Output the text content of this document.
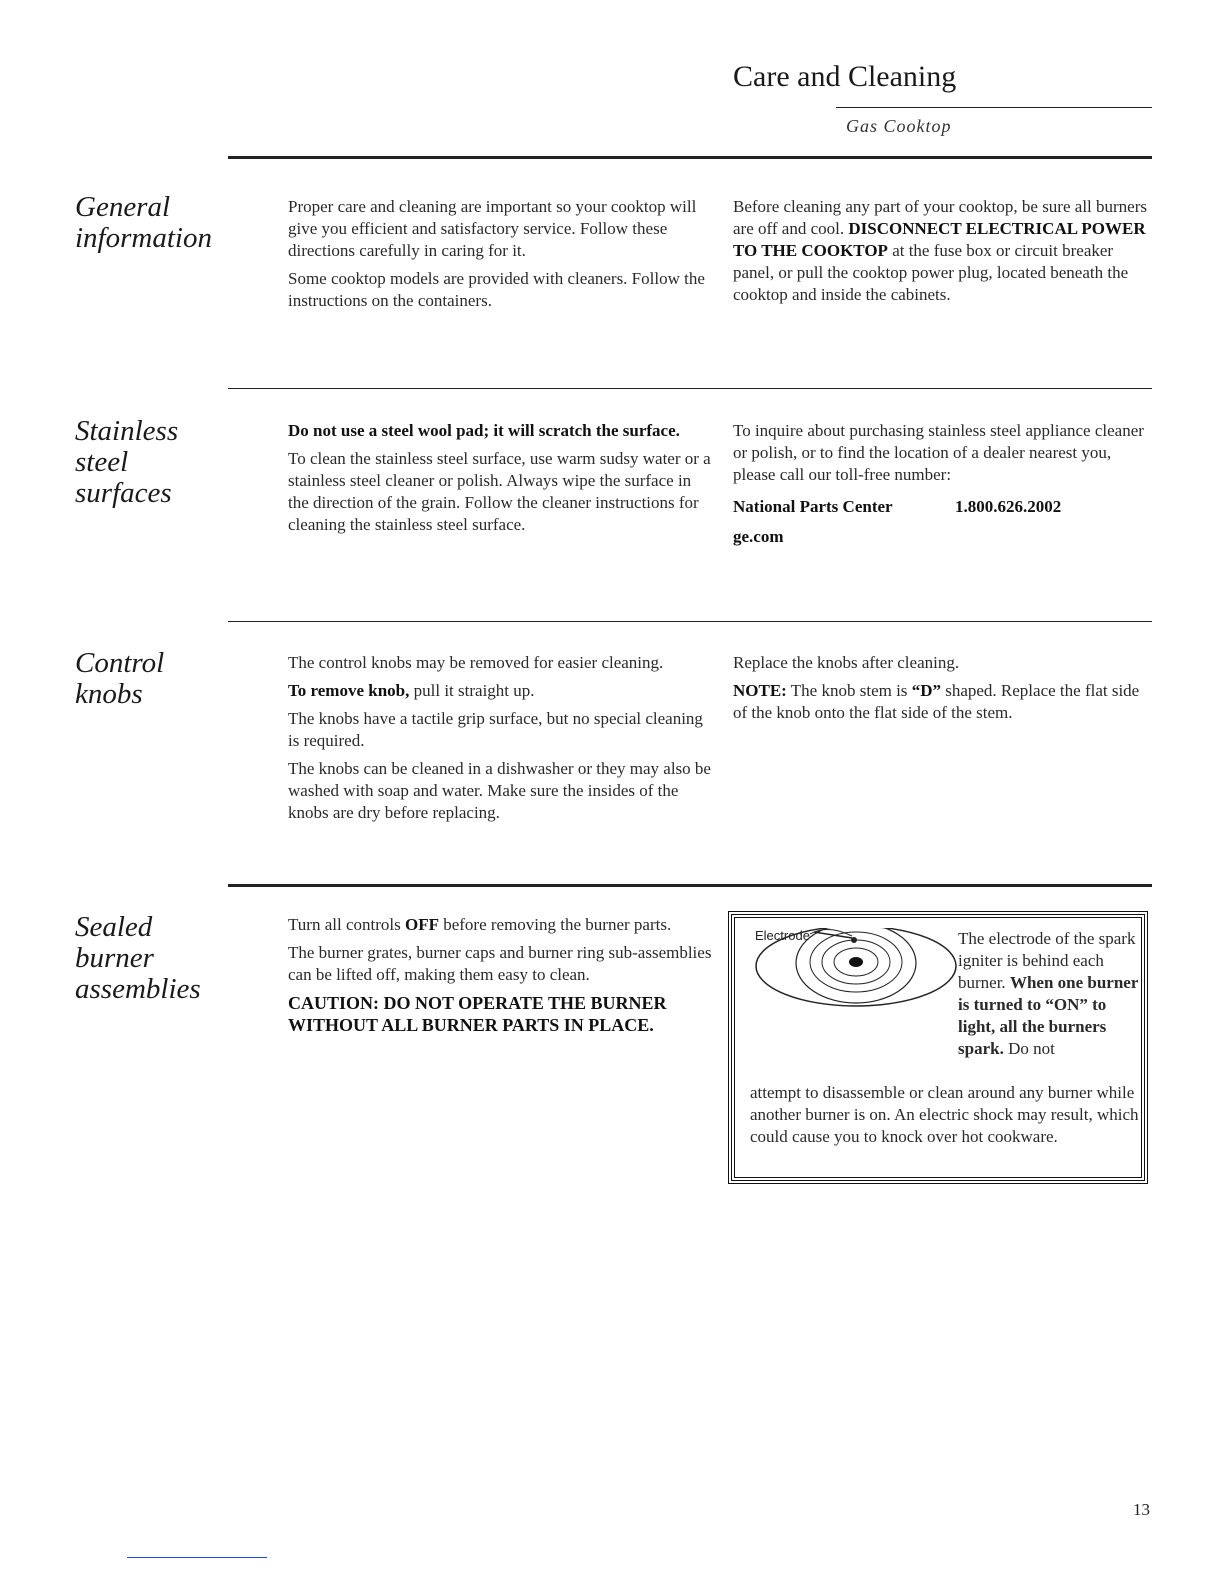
Care and Cleaning
Gas Cooktop
General
information

Proper care and cleaning are important so your cooktop will give you efficient and satisfactory service. Follow these directions carefully in caring for it.

Some cooktop models are provided with cleaners. Follow the instructions on the containers.

Before cleaning any part of your cooktop, be sure all burners are off and cool. DISCONNECT ELECTRICAL POWER TO THE COOKTOP at the fuse box or circuit breaker panel, or pull the cooktop power plug, located beneath the cooktop and inside the cabinets.

Stainless
steel
surfaces

Do not use a steel wool pad; it will scratch the surface.

To clean the stainless steel surface, use warm sudsy water or a stainless steel cleaner or polish. Always wipe the surface in the direction of the grain. Follow the cleaner instructions for cleaning the stainless steel surface.

To inquire about purchasing stainless steel appliance cleaner or polish, or to find the location of a dealer nearest you, please call our toll-free number:

National Parts Center	1.800.626.2002
ge.com
Control
knobs

The control knobs may be removed for easier cleaning.

To remove knob, pull it straight up.

The knobs have a tactile grip surface, but no special cleaning is required.

The knobs can be cleaned in a dishwasher or they may also be washed with soap and water. Make sure the insides of the knobs are dry before replacing.

Replace the knobs after cleaning.

NOTE: The knob stem is “D” shaped. Replace the flat side of the knob onto the flat side of the stem.

Sealed
burner
assemblies

Turn all controls OFF before removing the burner parts.

The burner grates, burner caps and burner ring sub-assemblies can be lifted off, making them easy to clean.

CAUTION: DO NOT OPERATE THE BURNER WITHOUT ALL BURNER PARTS IN PLACE.

Electrode	The electrode of the spark igniter is behind each burner. When one burner is turned to “ON” to light, all the burners spark. Do not
attempt to disassemble or clean around any burner while another burner is on. An electric shock may result, which could cause you to knock over hot cookware.
13
